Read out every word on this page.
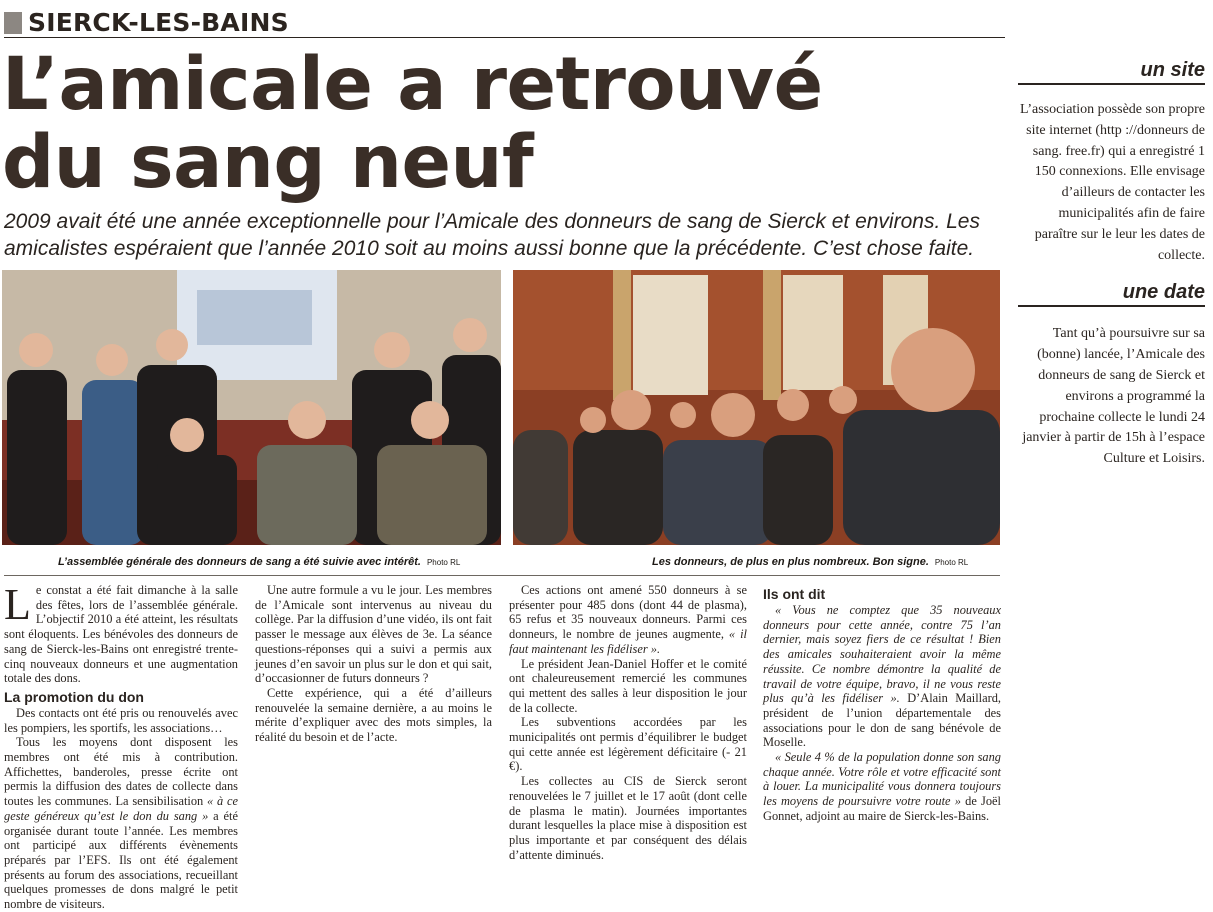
SIERCK-LES-BAINS
L’amicale a retrouvé
du sang neuf

2009 avait été une année exceptionnelle pour l’Amicale des donneurs de sang de Sierck et environs. Les amicalistes espéraient que l’année 2010 soit au moins aussi bonne que la précédente. C’est chose faite.

L’assemblée générale des donneurs de sang a été suivie avec intérêt. Photo RL	Les donneurs, de plus en plus nombreux. Bon signe. Photo RL

Le constat a été fait dimanche à la salle des fêtes, lors de l’assemblée générale. L’objectif 2010 a été atteint, les résultats sont éloquents. Les bénévoles des donneurs de sang de Sierck-les-Bains ont enregistré trente-cinq nouveaux donneurs et une augmentation totale des dons.

La promotion du don

Des contacts ont été pris ou renouvelés avec les pompiers, les sportifs, les associations…

Tous les moyens dont disposent les membres ont été mis à contribution. Affichettes, banderoles, presse écrite ont permis la diffusion des dates de collecte dans toutes les communes. La sensibilisation « à ce geste généreux qu’est le don du sang » a été organisée durant toute l’année. Les membres ont participé aux différents évènements préparés par l’EFS. Ils ont été également présents au forum des associations, recueillant quelques promesses de dons malgré le petit nombre de visiteurs.

Une autre formule a vu le jour. Les membres de l’Amicale sont intervenus au niveau du collège. Par la diffusion d’une vidéo, ils ont fait passer le message aux élèves de 3e. La séance questions-réponses qui a suivi a permis aux jeunes d’en savoir un plus sur le don et qui sait, d’occasionner de futurs donneurs ?

Cette expérience, qui a été d’ailleurs renouvelée la semaine dernière, a au moins le mérite d’expliquer avec des mots simples, la réalité du besoin et de l’acte.

Ces actions ont amené 550 donneurs à se présenter pour 485 dons (dont 44 de plasma), 65 refus et 35 nouveaux donneurs. Parmi ces donneurs, le nombre de jeunes augmente, « il faut maintenant les fidéliser ».

Le président Jean-Daniel Hoffer et le comité ont chaleureusement remercié les communes qui mettent des salles à leur disposition le jour de la collecte.

Les subventions accordées par les municipalités ont permis d’équilibrer le budget qui cette année est légèrement déficitaire (- 21 €).

Les collectes au CIS de Sierck seront renouvelées le 7 juillet et le 17 août (dont celle de plasma le matin). Journées importantes durant lesquelles la place mise à disposition est plus importante et par conséquent des délais d’attente diminués.

Ils ont dit

« Vous ne comptez que 35 nouveaux donneurs pour cette année, contre 75 l’an dernier, mais soyez fiers de ce résultat ! Bien des amicales souhaiteraient avoir la même réussite. Ce nombre démontre la qualité de travail de votre équipe, bravo, il ne vous reste plus qu’à les fidéliser ». D’Alain Maillard, président de l’union départementale des associations pour le don de sang bénévole de Moselle.

« Seule 4 % de la population donne son sang chaque année. Votre rôle et votre efficacité sont à louer. La municipalité vous donnera toujours les moyens de poursuivre votre route » de Joël Gonnet, adjoint au maire de Sierck-les-Bains.

un site

L’association possède son propre site internet (http ://donneurs de sang. free.fr) qui a enregistré 1 150 connexions. Elle envisage d’ailleurs de contacter les municipalités afin de faire paraître sur le leur les dates de collecte.

une date

Tant qu’à poursuivre sur sa (bonne) lancée, l’Amicale des donneurs de sang de Sierck et environs a programmé la prochaine collecte le lundi 24 janvier à partir de 15h à l’espace Culture et Loisirs.
